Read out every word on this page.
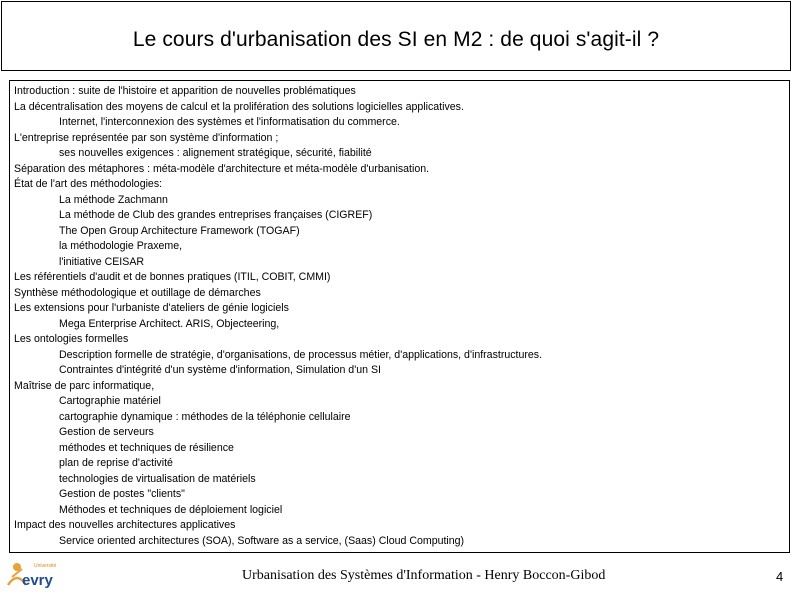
Le cours d'urbanisation des SI en M2 : de quoi s'agit-il ?
Introduction : suite de l'histoire et apparition de nouvelles problématiques
La décentralisation des moyens de calcul et la prolifération des solutions logicielles applicatives.
Internet, l'interconnexion des systèmes et l'informatisation du commerce.
L'entreprise représentée par son système d'information ;
ses nouvelles exigences : alignement stratégique, sécurité, fiabilité
Séparation des métaphores : méta-modèle d'architecture et méta-modèle d'urbanisation.
État de l'art des méthodologies:
La méthode Zachmann
La méthode de Club des grandes entreprises françaises (CIGREF)
The Open Group Architecture Framework (TOGAF)
la méthodologie Praxeme,
l'initiative CEISAR
Les référentiels d'audit et de bonnes pratiques (ITIL, COBIT, CMMI)
Synthèse méthodologique et outillage de démarches
Les extensions pour l'urbaniste d'ateliers de génie logiciels
Mega Enterprise Architect. ARIS, Objecteering,
Les ontologies formelles
Description formelle de stratégie, d'organisations, de processus métier, d'applications, d'infrastructures.
Contraintes d'intégrité d'un système d'information, Simulation d'un SI
Maîtrise de parc informatique,
Cartographie matériel
cartographie dynamique : méthodes de la téléphonie cellulaire
Gestion de serveurs
méthodes et techniques de résilience
plan de reprise d'activité
technologies de virtualisation de matériels
Gestion de postes "clients"
Méthodes et techniques de déploiement logiciel
Impact des nouvelles architectures applicatives
Service oriented architectures (SOA), Software as a service, (Saas) Cloud Computing)
Université
evry	Urbanisation des Systèmes d'Information - Henry Boccon-Gibod	4
